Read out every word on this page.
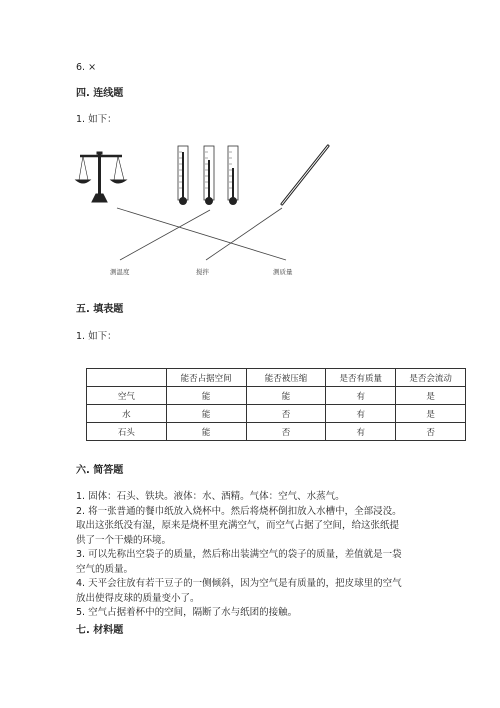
6. ×
四. 连线题
1. 如下：
测温度	搅拌	测质量
五. 填表题
1. 如下：
	能否占据空间	能否被压缩	是否有质量	是否会流动
空气	能	能	有	是
水	能	否	有	是
石头	能	否	有	否
六. 简答题
1. 固体：石头、铁块。液体：水、酒精。气体：空气、水蒸气。
2. 将一张普通的餐巾纸放入烧杯中。然后将烧杯倒扣放入水槽中，全部浸没。
取出这张纸没有湿，原来是烧杯里充满空气，而空气占据了空间，给这张纸提
供了一个干燥的环境。
3. 可以先称出空袋子的质量，然后称出装满空气的袋子的质量，差值就是一袋
空气的质量。
4. 天平会往放有若干豆子的一侧倾斜，因为空气是有质量的，把皮球里的空气
放出使得皮球的质量变小了。
5. 空气占据着杯中的空间，隔断了水与纸团的接触。
七. 材料题
